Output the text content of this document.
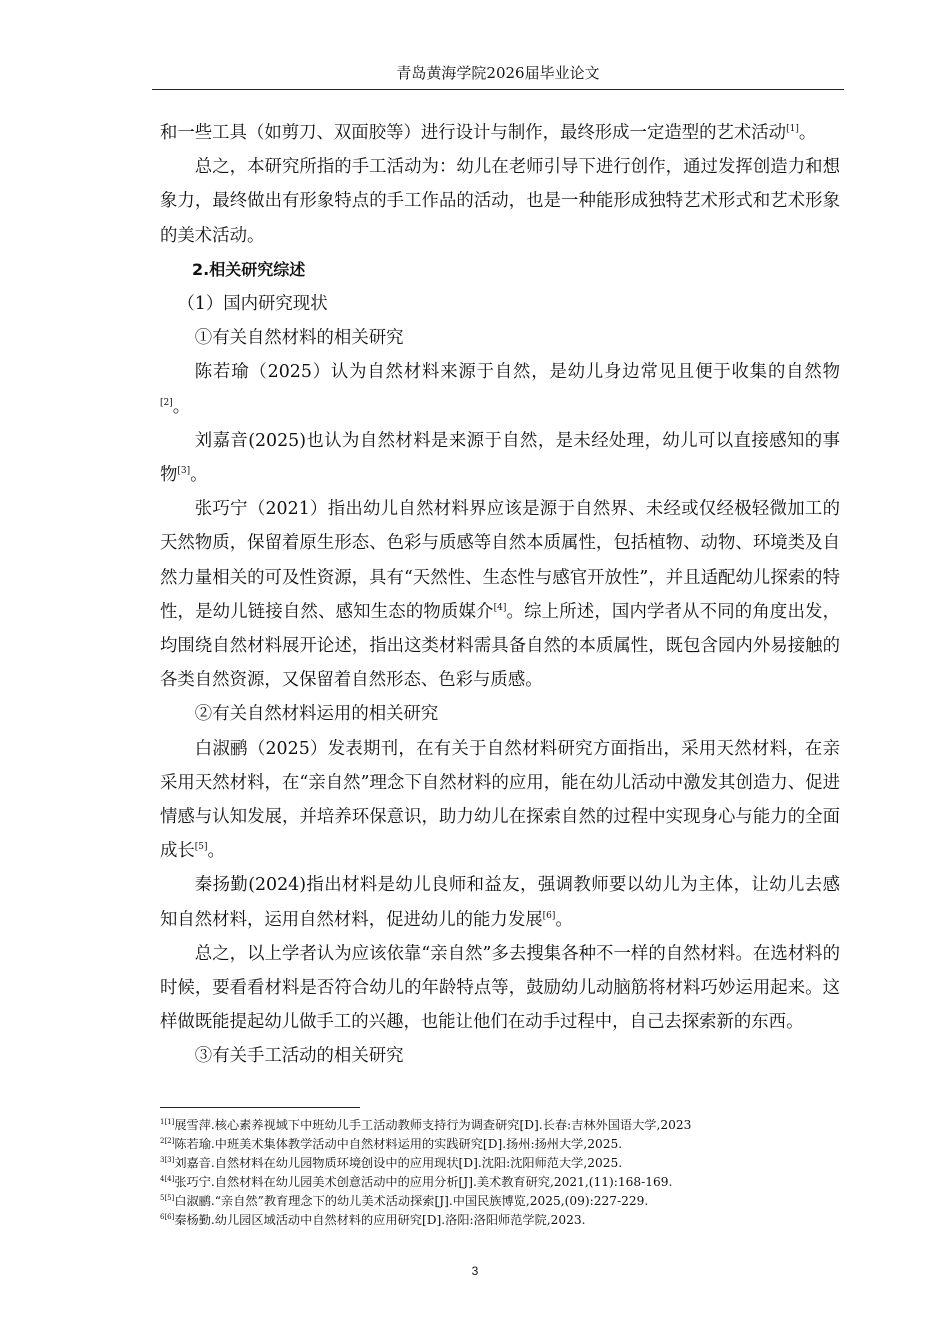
青岛黄海学院2026届毕业论文

和一些工具（如剪刀、双面胶等）进行设计与制作，最终形成一定造型的艺术活动[1]。

总之，本研究所指的手工活动为：幼儿在老师引导下进行创作，通过发挥创造力和想象力，最终做出有形象特点的手工作品的活动，也是一种能形成独特艺术形式和艺术形象的美术活动。

2.相关研究综述

（1）国内研究现状

①有关自然材料的相关研究

陈若瑜（2025）认为自然材料来源于自然，是幼儿身边常见且便于收集的自然物[2]。

刘嘉音(2025)也认为自然材料是来源于自然，是未经处理，幼儿可以直接感知的事物[3]。

张巧宁（2021）指出幼儿自然材料界应该是源于自然界、未经或仅经极轻微加工的天然物质，保留着原生形态、色彩与质感等自然本质属性，包括植物、动物、环境类及自然力量相关的可及性资源，具有“天然性、生态性与感官开放性”，并且适配幼儿探索的特性，是幼儿链接自然、感知生态的物质媒介[4]。综上所述，国内学者从不同的角度出发，均围绕自然材料展开论述，指出这类材料需具备自然的本质属性，既包含园内外易接触的各类自然资源，又保留着自然形态、色彩与质感。

②有关自然材料运用的相关研究

白淑鹂（2025）发表期刊，在有关于自然材料研究方面指出，采用天然材料，在亲采用天然材料，在“亲自然”理念下自然材料的应用，能在幼儿活动中激发其创造力、促进情感与认知发展，并培养环保意识，助力幼儿在探索自然的过程中实现身心与能力的全面成长[5]。

秦扬勤(2024)指出材料是幼儿良师和益友，强调教师要以幼儿为主体，让幼儿去感知自然材料，运用自然材料，促进幼儿的能力发展[6]。

总之，以上学者认为应该依靠“亲自然”多去搜集各种不一样的自然材料。在选材料的时候，要看看材料是否符合幼儿的年龄特点等，鼓励幼儿动脑筋将材料巧妙运用起来。这样做既能提起幼儿做手工的兴趣，也能让他们在动手过程中，自己去探索新的东西。

③有关手工活动的相关研究

$^{1[1]}$展雪萍.核心素养视域下中班幼儿手工活动教师支持行为调查研究[D].长春:吉林外国语大学,2023

$^{2[2]}$陈若瑜.中班美术集体教学活动中自然材料运用的实践研究[D].扬州:扬州大学,2025.

$^{3[3]}$刘嘉音.自然材料在幼儿园物质环境创设中的应用现状[D].沈阳:沈阳师范大学,2025.

$^{4[4]}$张巧宁.自然材料在幼儿园美术创意活动中的应用分析[J].美术教育研究,2021,(11):168-169.

$^{5[5]}$白淑鹂.“亲自然”教育理念下的幼儿美术活动探索[J].中国民族博览,2025,(09):227-229.

$^{6[6]}$秦杨勤.幼儿园区域活动中自然材料的应用研究[D].洛阳:洛阳师范学院,2023.

3
